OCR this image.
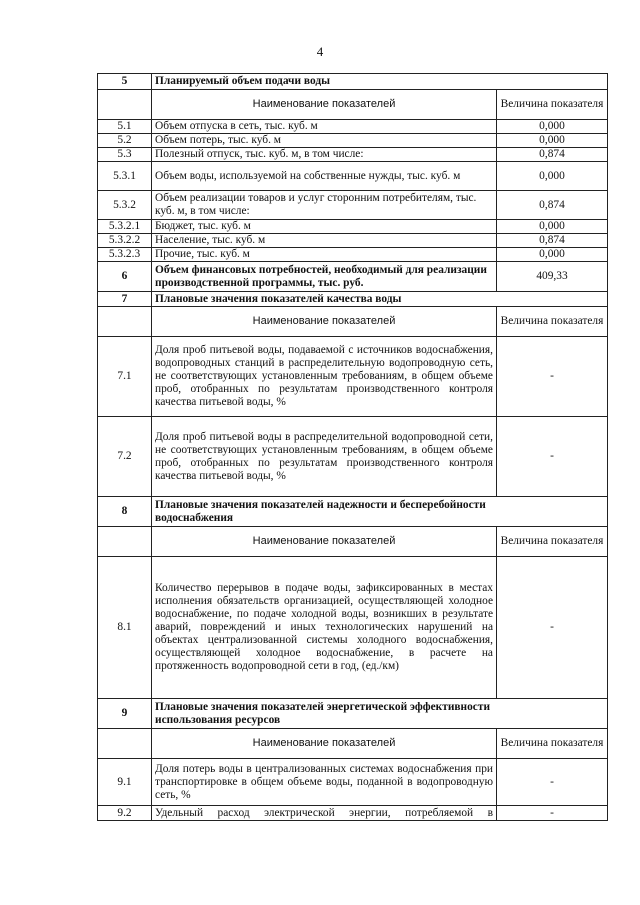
4
5	Планируемый объем подачи воды	
	Наименование показателей	Величина показателя
5.1	Объем отпуска в сеть, тыс. куб. м	0,000
5.2	Объем потерь, тыс. куб. м	0,000
5.3	Полезный отпуск, тыс. куб. м, в том числе:	0,874
5.3.1	Объем воды, используемой на собственные нужды, тыс. куб. м	0,000
5.3.2	Объем реализации товаров и услуг сторонним потребителям, тыс. куб. м, в том числе:	0,874
5.3.2.1	Бюджет, тыс. куб. м	0,000
5.3.2.2	Население, тыс. куб. м	0,874
5.3.2.3	Прочие, тыс. куб. м	0,000
6	Объем финансовых потребностей, необходимый для реализации производственной программы, тыс. руб.	409,33
7	Плановые значения показателей качества воды	
	Наименование показателей	Величина показателя
7.1	Доля проб питьевой воды, подаваемой с источников водоснабжения, водопроводных станций в распределительную водопроводную сеть, не соответствующих установленным требованиям, в общем объеме проб, отобранных по результатам производственного контроля качества питьевой воды, %	-
7.2	Доля проб питьевой воды в распределительной водопроводной сети, не соответствующих установленным требованиям, в общем объеме проб, отобранных по результатам производственного контроля качества питьевой воды, %	-
8	Плановые значения показателей надежности и бесперебойности
водоснабжения	

	Наименование показателей	Величина показателя
8.1	Количество перерывов в подаче воды, зафиксированных в местах исполнения обязательств организацией, осуществляющей холодное водоснабжение, по подаче холодной воды, возникших в результате аварий, повреждений и иных технологических нарушений на объектах централизованной системы холодного водоснабжения, осуществляющей холодное водоснабжение, в расчете на протяженность водопроводной сети в год, (ед./км)	-
9	Плановые значения показателей энергетической эффективности
использования ресурсов	

	Наименование показателей	Величина показателя
9.1	Доля потерь воды в централизованных системах водоснабжения при транспортировке в общем объеме воды, поданной в водопроводную сеть, %	-
9.2	Удельный расход электрической энергии, потребляемой в	-
